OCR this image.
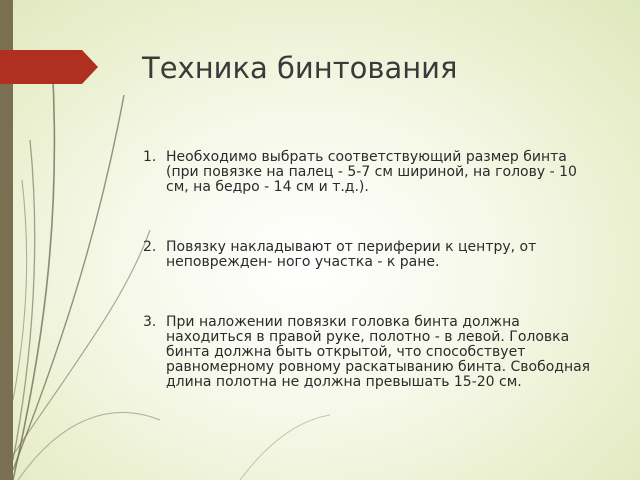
Техника бинтования
1. Необходимо выбрать соответствующий размер бинта (при повязке на палец - 5-7 см шириной, на голову - 10 см, на бедро - 14 см и т.д.).
2. Повязку накладывают от периферии к центру, от неповрежден- ного участка - к ране.
3. При наложении повязки головка бинта должна находиться в правой руке, полотно - в левой. Головка бинта должна быть открытой, что способствует равномерному ровному раскатыванию бинта. Свободная длина полотна не должна превышать 15-20 см.
